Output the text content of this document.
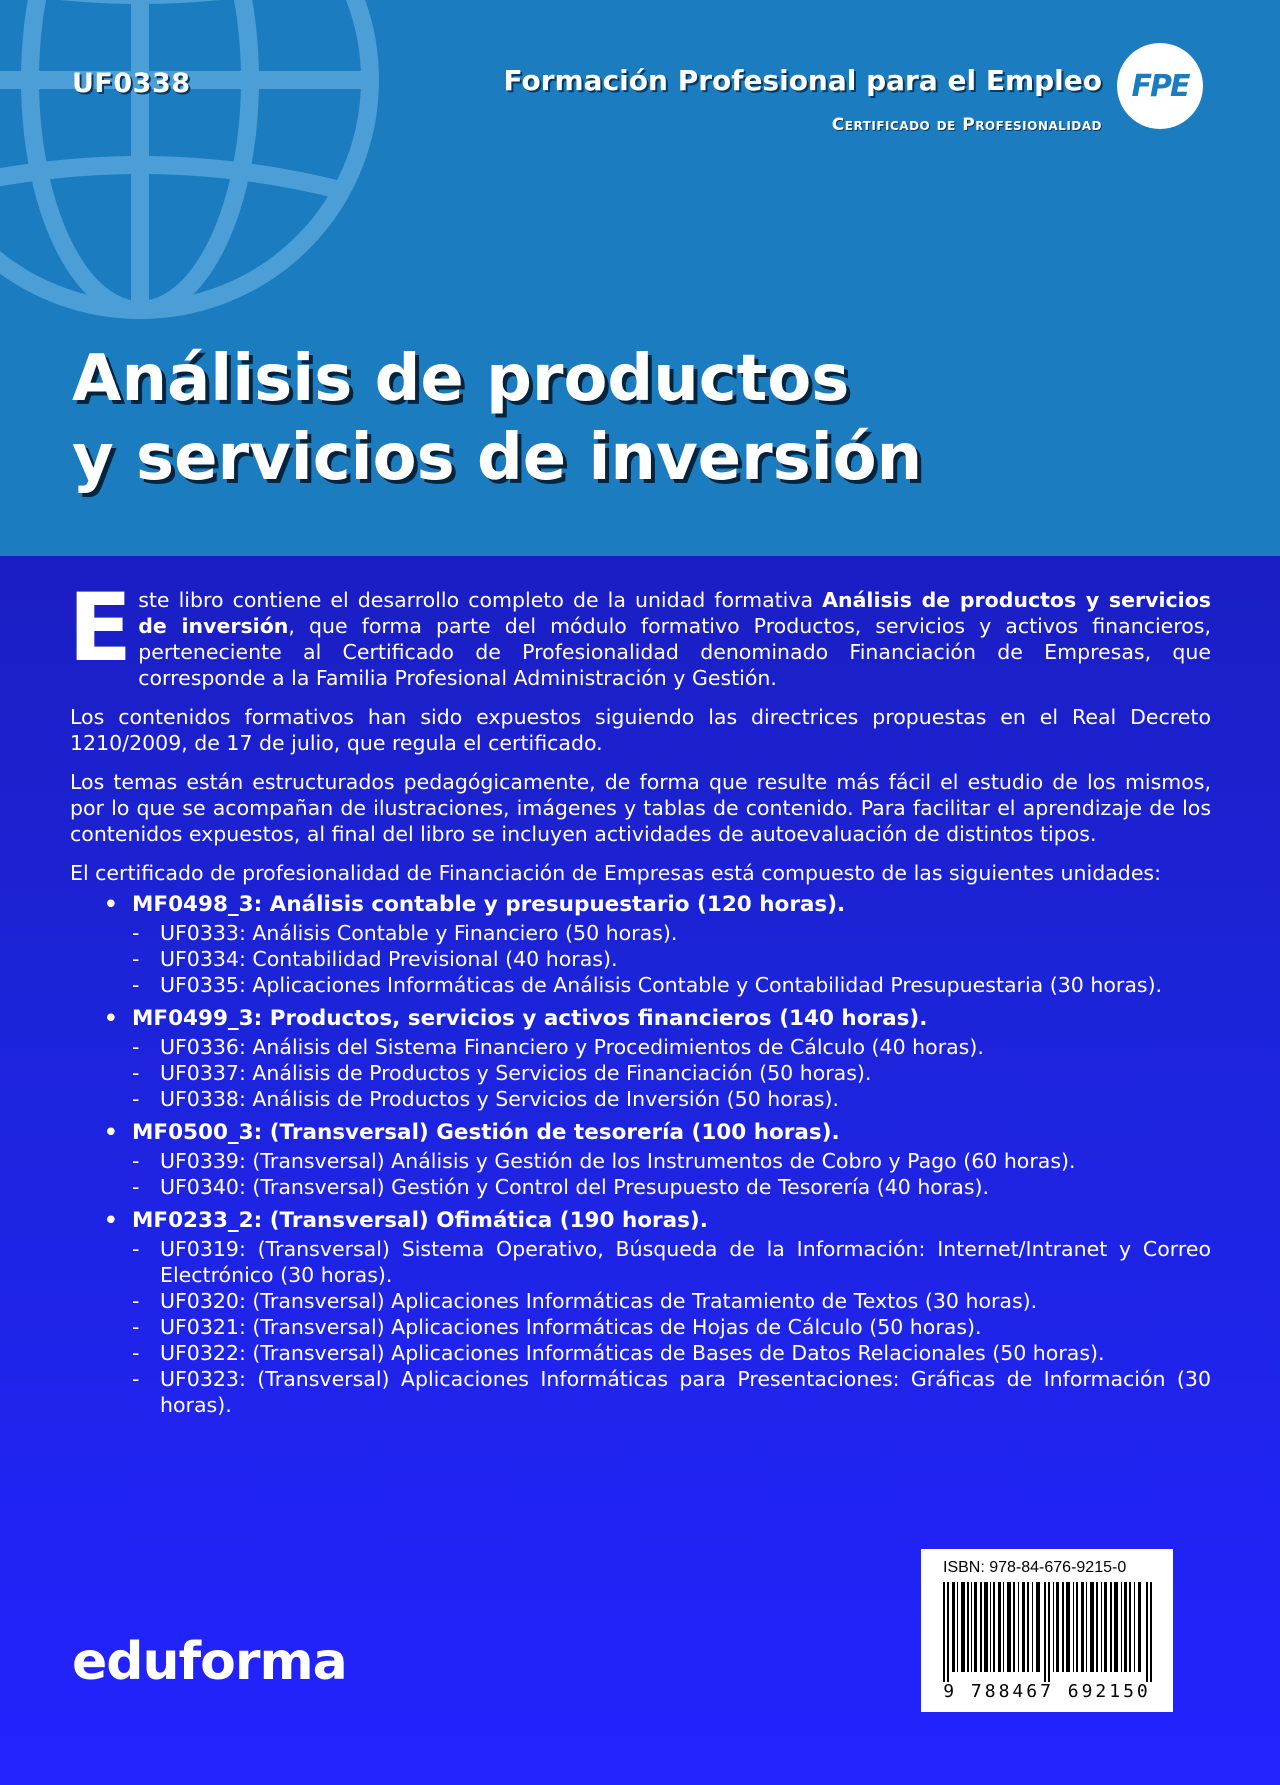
UF0338	Formación Profesional para el Empleo
Certificado de Profesionalidad
FPE
Análisis de productos
y servicios de inversión

Este libro contiene el desarrollo completo de la unidad formativa Análisis de productos y servicios de inversión, que forma parte del módulo formativo Productos, servicios y activos financieros, perteneciente al Certificado de Profesionalidad denominado Financiación de Empresas, que corresponde a la Familia Profesional Administración y Gestión.

Los contenidos formativos han sido expuestos siguiendo las directrices propuestas en el Real Decreto 1210/2009, de 17 de julio, que regula el certificado.

Los temas están estructurados pedagógicamente, de forma que resulte más fácil el estudio de los mismos, por lo que se acompañan de ilustraciones, imágenes y tablas de contenido. Para facilitar el aprendizaje de los contenidos expuestos, al final del libro se incluyen actividades de autoevaluación de distintos tipos.

El certificado de profesionalidad de Financiación de Empresas está compuesto de las siguientes unidades:

• MF0498_3: Análisis contable y presupuestario (120 horas).
- UF0333: Análisis Contable y Financiero (50 horas).
- UF0334: Contabilidad Previsional (40 horas).
- UF0335: Aplicaciones Informáticas de Análisis Contable y Contabilidad Presupuestaria (30 horas).
• MF0499_3: Productos, servicios y activos financieros (140 horas).
- UF0336: Análisis del Sistema Financiero y Procedimientos de Cálculo (40 horas).
- UF0337: Análisis de Productos y Servicios de Financiación (50 horas).
- UF0338: Análisis de Productos y Servicios de Inversión (50 horas).
• MF0500_3: (Transversal) Gestión de tesorería (100 horas).
- UF0339: (Transversal) Análisis y Gestión de los Instrumentos de Cobro y Pago (60 horas).
- UF0340: (Transversal) Gestión y Control del Presupuesto de Tesorería (40 horas).
• MF0233_2: (Transversal) Ofimática (190 horas).
- UF0319: (Transversal) Sistema Operativo, Búsqueda de la Información: Internet/Intranet y Correo Electrónico (30 horas).
- UF0320: (Transversal) Aplicaciones Informáticas de Tratamiento de Textos (30 horas).
- UF0321: (Transversal) Aplicaciones Informáticas de Hojas de Cálculo (50 horas).
- UF0322: (Transversal) Aplicaciones Informáticas de Bases de Datos Relacionales (50 horas).
- UF0323: (Transversal) Aplicaciones Informáticas para Presentaciones: Gráficas de Información (30 horas).
ISBN: 978-84-676-9215-0
9 788467 692150
eduforma
